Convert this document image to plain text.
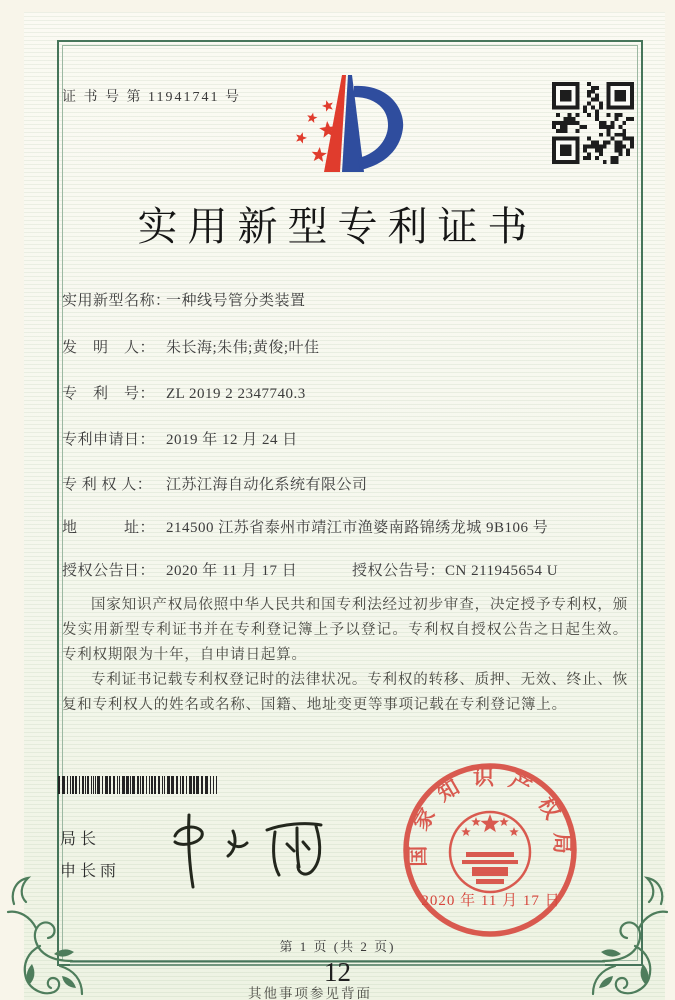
证 书 号 第 11941741 号
实用新型专利证书
实用新型名称：一种线号管分类装置
发　明　人： 朱长海;朱伟;黄俊;叶佳
专　利　号： ZL 2019 2 2347740.3
专利申请日： 2019 年 12 月 24 日
专 利 权 人： 江苏江海自动化系统有限公司
地　　　址： 214500 江苏省泰州市靖江市渔婆南路锦绣龙城 9B106 号
授权公告日： 2020 年 11 月 17 日	授权公告号：CN 211945654 U

国家知识产权局依照中华人民共和国专利法经过初步审查，决定授予专利权，颁发实用新型专利证书并在专利登记簿上予以登记。专利权自授权公告之日起生效。专利权期限为十年，自申请日起算。

专利证书记载专利权登记时的法律状况。专利权的转移、质押、无效、终止、恢复和专利权人的姓名或名称、国籍、地址变更等事项记载在专利登记簿上。

国家知识产权局
2020 年 11 月 17 日
局长
申长雨
第 1 页 (共 2 页)
12
其他事项参见背面
